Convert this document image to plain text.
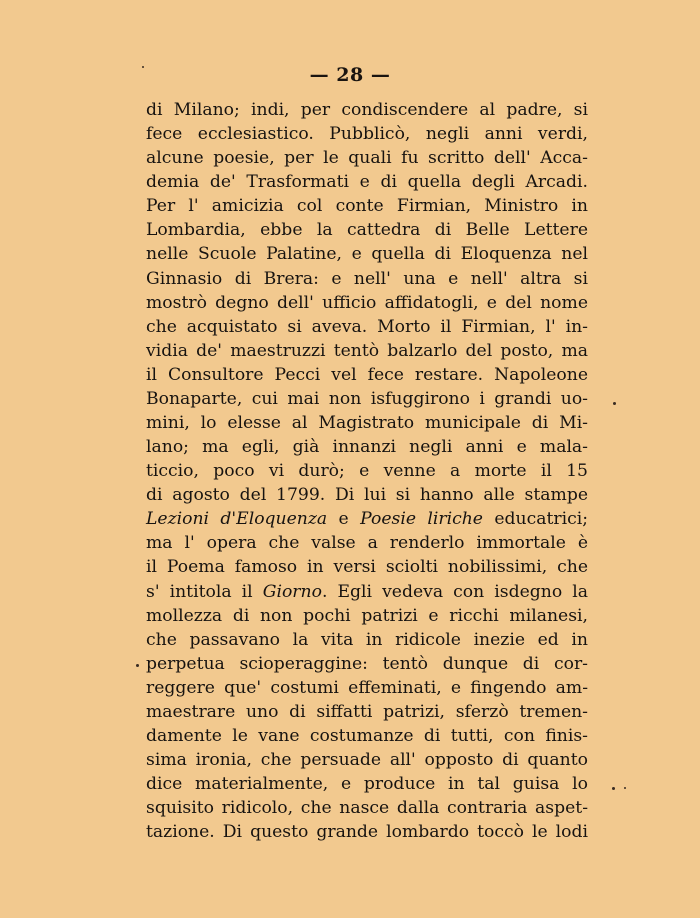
— 28 —
di Milano; indi, per condiscendere al padre, si
fece ecclesiastico. Pubblicò, negli anni verdi,
alcune poesie, per le quali fu scritto dell' Acca-
demia de' Trasformati e di quella degli Arcadi.
Per l' amicizia col conte Firmian, Ministro in
Lombardia, ebbe la cattedra di Belle Lettere
nelle Scuole Palatine, e quella di Eloquenza nel
Ginnasio di Brera: e nell' una e nell' altra si
mostrò degno dell' ufficio affidatogli, e del nome
che acquistato si aveva. Morto il Firmian, l' in-
vidia de' maestruzzi tentò balzarlo del posto, ma
il Consultore Pecci vel fece restare. Napoleone
Bonaparte, cui mai non isfuggirono i grandi uo-
mini, lo elesse al Magistrato municipale di Mi-
lano; ma egli, già innanzi negli anni e mala-
ticcio, poco vi durò; e venne a morte il 15
di agosto del 1799. Di lui si hanno alle stampe
Lezioni d'Eloquenza e Poesie liriche educatrici;
ma l' opera che valse a renderlo immortale è
il Poema famoso in versi sciolti nobilissimi, che
s' intitola il Giorno. Egli vedeva con isdegno la
mollezza di non pochi patrizi e ricchi milanesi,
che passavano la vita in ridicole inezie ed in
perpetua scioperaggine: tentò dunque di cor-
reggere que' costumi effeminati, e fingendo am-
maestrare uno di siffatti patrizi, sferzò tremen-
damente le vane costumanze di tutti, con finis-
sima ironia, che persuade all' opposto di quanto
dice materialmente, e produce in tal guisa lo
squisito ridicolo, che nasce dalla contraria aspet-
tazione. Di questo grande lombardo toccò le lodi
